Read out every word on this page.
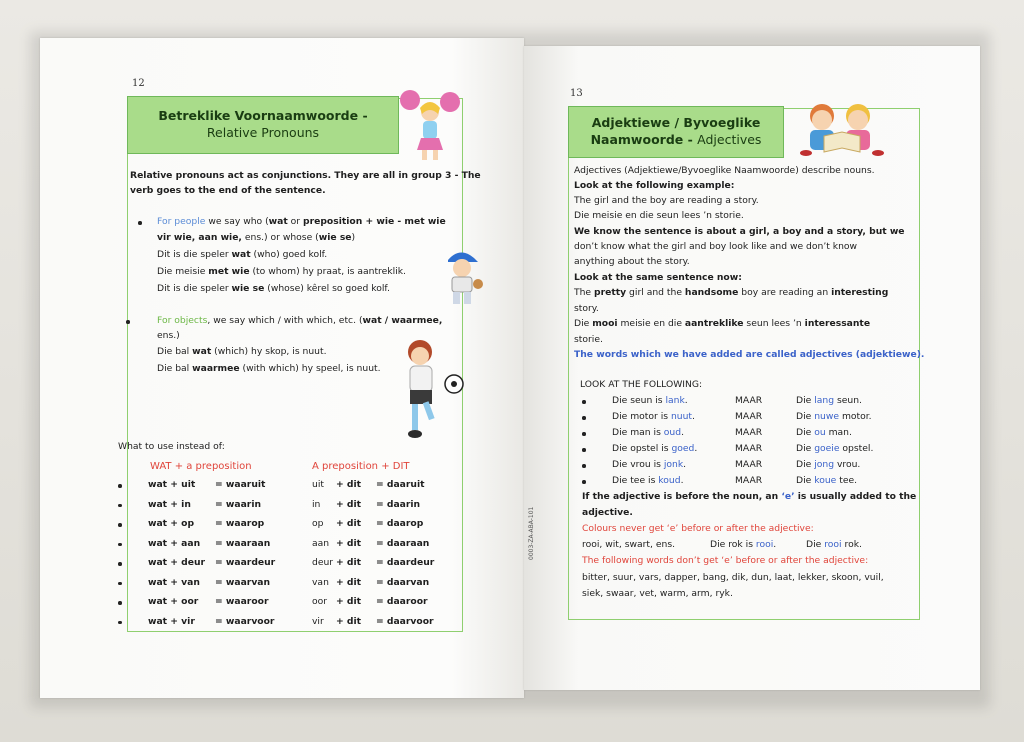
12
Betreklike Voornaamwoorde -
Relative Pronouns
Relative pronouns act as conjunctions. They are all in group 3 - The
verb goes to the end of the sentence.
For people we say who (wat or preposition + wie - met wie
vir wie, aan wie, ens.) or whose (wie se)
Dit is die speler wat (who) goed kolf.
Die meisie met wie (to whom) hy praat, is aantreklik.
Dit is die speler wie se (whose) kêrel so goed kolf.
For objects, we say which / with which, etc. (wat / waarmee,
ens.)
Die bal wat (which) hy skop, is nuut.
Die bal waarmee (with which) hy speel, is nuut.
What to use instead of:
WAT + a preposition	A preposition + DIT
wat + uit = waaruit	uit + dit = daaruit
wat + in	= waarin	in + dit = daarin
wat + op = waarop	op + dit = daarop
wat + aan = waaraan	aan + dit = daaraan
wat + deur = waardeur	deur + dit = daardeur
wat + van = waarvan	van + dit = daarvan
wat + oor = waaroor	oor + dit = daaroor
wat + vir = waarvoor	vir + dit = daarvoor
13
Adjektiewe / Byvoeglike
Naamwoorde - Adjectives
Adjectives (Adjektiewe/Byvoeglike Naamwoorde) describe nouns.
Look at the following example:
The girl and the boy are reading a story.
Die meisie en die seun lees ’n storie.
We know the sentence is about a girl, a boy and a story, but we
don’t know what the girl and boy look like and we don’t know
anything about the story.
Look at the same sentence now:
The pretty girl and the handsome boy are reading an interesting
story.
Die mooi meisie en die aantreklike seun lees ’n interessante
storie.
The words which we have added are called adjectives (adjektiewe).
LOOK AT THE FOLLOWING:
Die seun is lank.	MAAR	Die lang seun.
Die motor is nuut.	MAAR	Die nuwe motor.
Die man is oud.	MAAR	Die ou man.
Die opstel is goed.	MAAR	Die goeie opstel.
Die vrou is jonk.	MAAR	Die jong vrou.
Die tee is koud.	MAAR	Die koue tee.
If the adjective is before the noun, an ‘e’ is usually added to the
adjective.
Colours never get ‘e’ before or after the adjective:
rooi, wit, swart, ens.	Die rok is rooi.	Die rooi rok.
The following words don’t get ‘e’ before or after the adjective:
bitter, suur, vars, dapper, bang, dik, dun, laat, lekker, skoon, vuil,
siek, swaar, vet, warm, arm, ryk.
0003-ZA-ABA-101
